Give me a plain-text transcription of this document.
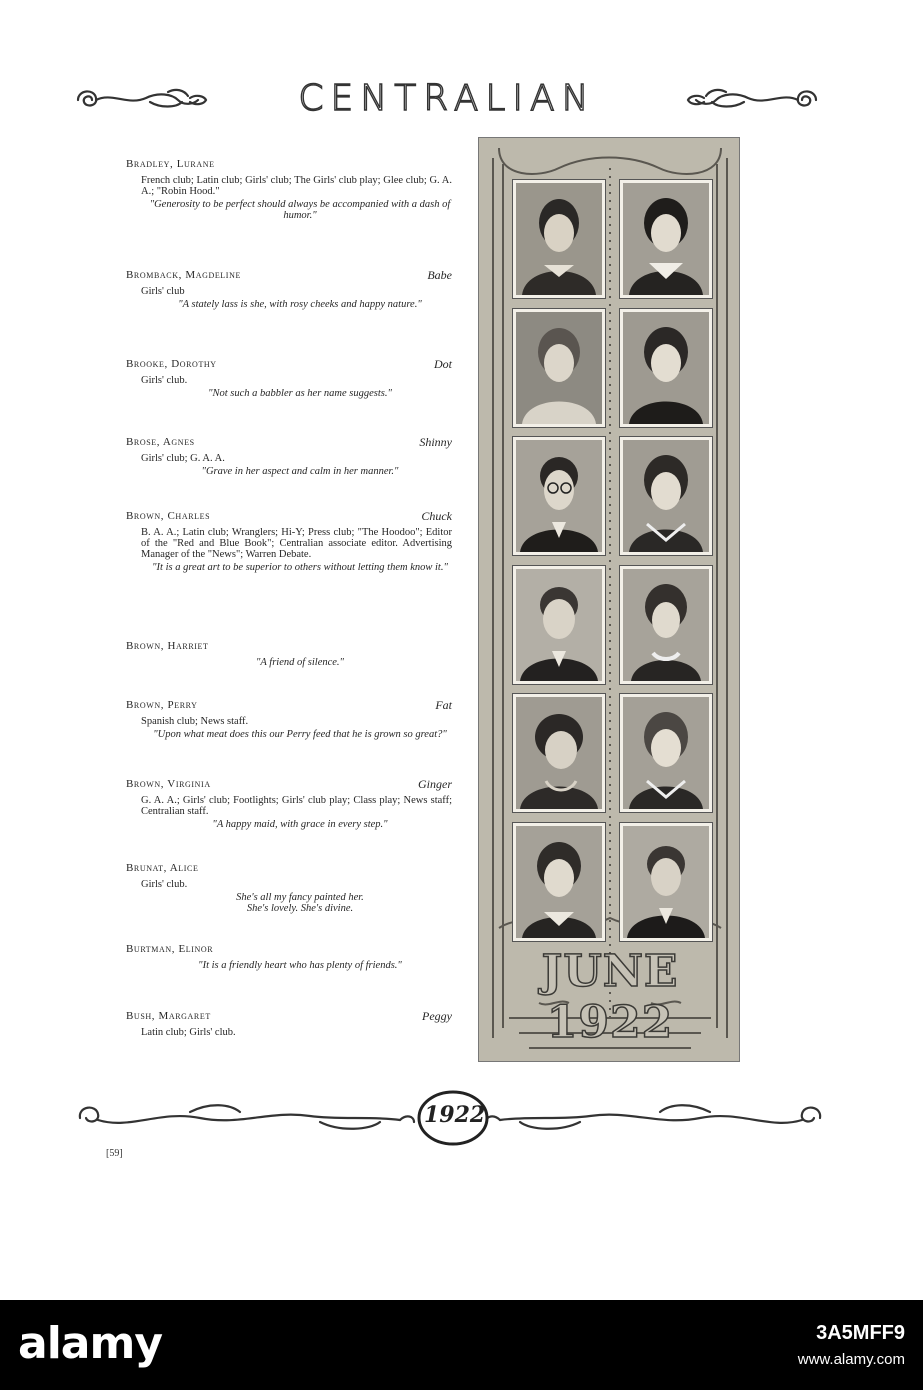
CENTRALIAN

Bradley, Lurane

French club; Latin club; Girls' club; The Girls' club play; Glee club; G. A. A.; "Robin Hood."
"Generosity to be perfect should always be accompanied with a dash of humor."

Bromback, Magdeline	Babe

Girls' club
"A stately lass is she, with rosy cheeks and happy nature."

Brooke, Dorothy	Dot

Girls' club.
"Not such a babbler as her name suggests."

Brose, Agnes	Shinny

Girls' club; G. A. A.
"Grave in her aspect and calm in her manner."

Brown, Charles	Chuck

B. A. A.; Latin club; Wranglers; Hi-Y; Press club; "The Hoodoo"; Editor of the "Red and Blue Book"; Centralian associate editor. Advertising Manager of the "News"; Warren Debate.
"It is a great art to be superior to others without letting them know it."

Brown, Harriet

"A friend of silence."

Brown, Perry	Fat

Spanish club; News staff.
"Upon what meat does this our Perry feed that he is grown so great?"

Brown, Virginia	Ginger

G. A. A.; Girls' club; Footlights; Girls' club play; Class play; News staff; Centralian staff.
"A happy maid, with grace in every step."

Brunat, Alice

Girls' club.
She's all my fancy painted her.
She's lovely. She's divine.

Burtman, Elinor

"It is a friendly heart who has plenty of friends."

Bush, Margaret	Peggy

Latin club; Girls' club.
JUNE 1922
1922
[59]
alamy	3A5MFF9
www.alamy.com
